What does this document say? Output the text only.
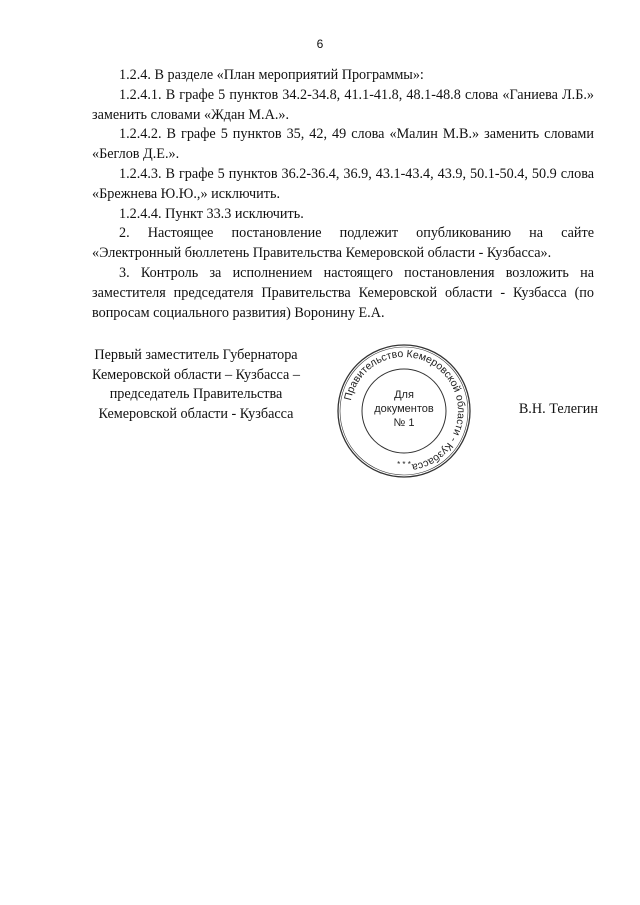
6

1.2.4. В разделе «План мероприятий Программы»:

1.2.4.1. В графе 5 пунктов 34.2-34.8, 41.1-41.8, 48.1-48.8 слова «Ганиева Л.Б.» заменить словами «Ждан М.А.».

1.2.4.2. В графе 5 пунктов 35, 42, 49 слова «Малин М.В.» заменить словами «Беглов Д.Е.».

1.2.4.3. В графе 5 пунктов 36.2-36.4, 36.9, 43.1-43.4, 43.9, 50.1-50.4, 50.9 слова «Брежнева Ю.Ю.,» исключить.

1.2.4.4. Пункт 33.3 исключить.

2. Настоящее постановление подлежит опубликованию на сайте «Электронный бюллетень Правительства Кемеровской области - Кузбасса».

3. Контроль за исполнением настоящего постановления возложить на заместителя председателя Правительства Кемеровской области - Кузбасса (по вопросам социального развития) Воронину Е.А.

Первый заместитель Губернатора
Кемеровской области – Кузбасса –
председатель Правительства
Кемеровской области - Кузбасса
Правительство Кемеровской области - Кузбасса
* * *
Для
документов
№ 1
В.Н. Телегин
